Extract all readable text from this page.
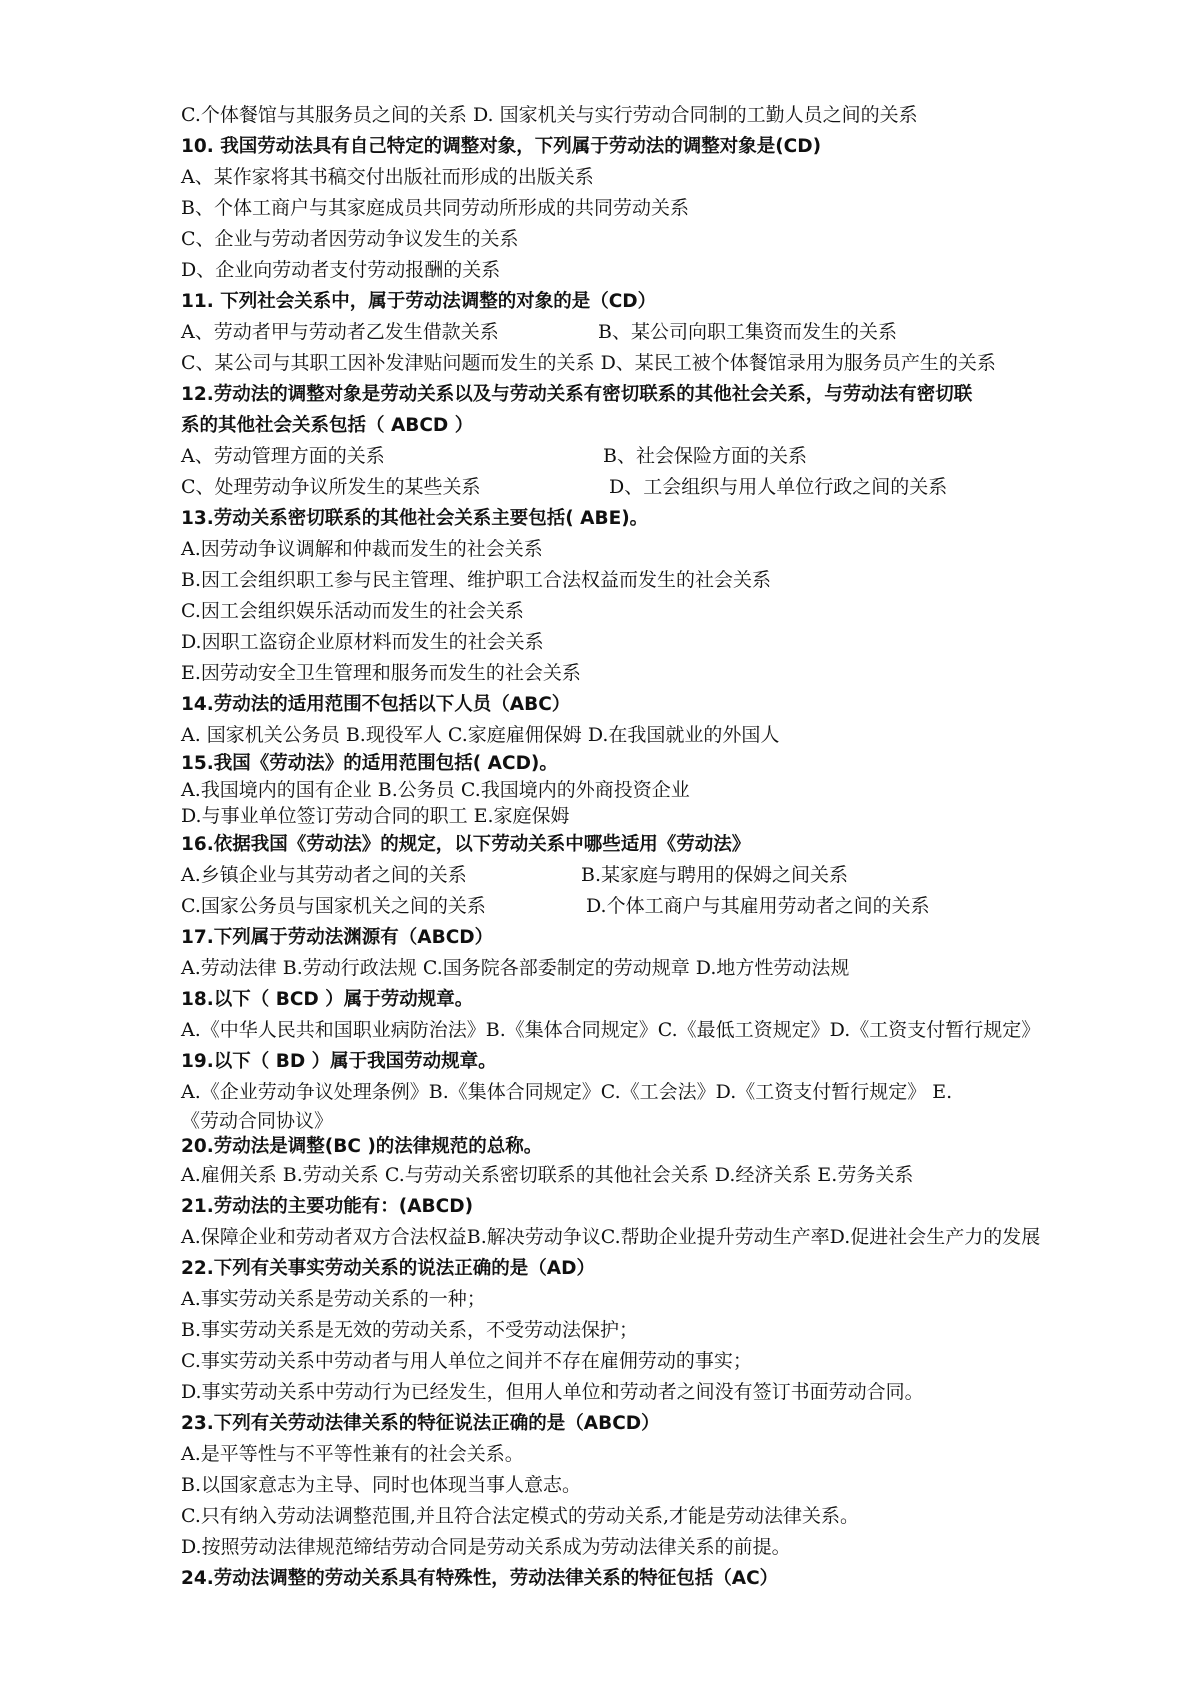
C.个体餐馆与其服务员之间的关系 D. 国家机关与实行劳动合同制的工勤人员之间的关系
10. 我国劳动法具有自己特定的调整对象，下列属于劳动法的调整对象是(CD)
A、某作家将其书稿交付出版社而形成的出版关系
B、个体工商户与其家庭成员共同劳动所形成的共同劳动关系
C、企业与劳动者因劳动争议发生的关系
D、企业向劳动者支付劳动报酬的关系
11. 下列社会关系中，属于劳动法调整的对象的是（CD）
A、劳动者甲与劳动者乙发生借款关系	B、某公司向职工集资而发生的关系
C、某公司与其职工因补发津贴问题而发生的关系 D、某民工被个体餐馆录用为服务员产生的关系
12.劳动法的调整对象是劳动关系以及与劳动关系有密切联系的其他社会关系，与劳动法有密切联
系的其他社会关系包括（ ABCD ）
A、劳动管理方面的关系	B、社会保险方面的关系
C、处理劳动争议所发生的某些关系	D、工会组织与用人单位行政之间的关系
13.劳动关系密切联系的其他社会关系主要包括( ABE)。
A.因劳动争议调解和仲裁而发生的社会关系
B.因工会组织职工参与民主管理、维护职工合法权益而发生的社会关系
C.因工会组织娱乐活动而发生的社会关系
D.因职工盗窃企业原材料而发生的社会关系
E.因劳动安全卫生管理和服务而发生的社会关系
14.劳动法的适用范围不包括以下人员（ABC）
A. 国家机关公务员 B.现役军人 C.家庭雇佣保姆 D.在我国就业的外国人
15.我国《劳动法》的适用范围包括( ACD)。
A.我国境内的国有企业 B.公务员 C.我国境内的外商投资企业
D.与事业单位签订劳动合同的职工 E.家庭保姆
16.依据我国《劳动法》的规定，以下劳动关系中哪些适用《劳动法》
A.乡镇企业与其劳动者之间的关系	B.某家庭与聘用的保姆之间关系
C.国家公务员与国家机关之间的关系	D.个体工商户与其雇用劳动者之间的关系
17.下列属于劳动法渊源有（ABCD）
A.劳动法律 B.劳动行政法规 C.国务院各部委制定的劳动规章 D.地方性劳动法规
18.以下（ BCD ）属于劳动规章。
A.《中华人民共和国职业病防治法》B.《集体合同规定》C.《最低工资规定》D.《工资支付暂行规定》
19.以下（ BD ）属于我国劳动规章。
A.《企业劳动争议处理条例》B.《集体合同规定》C.《工会法》D.《工资支付暂行规定》 E.
《劳动合同协议》
20.劳动法是调整(BC )的法律规范的总称。
A.雇佣关系 B.劳动关系 C.与劳动关系密切联系的其他社会关系 D.经济关系 E.劳务关系
21.劳动法的主要功能有：(ABCD)
A.保障企业和劳动者双方合法权益B.解决劳动争议C.帮助企业提升劳动生产率D.促进社会生产力的发展
22.下列有关事实劳动关系的说法正确的是（AD）
A.事实劳动关系是劳动关系的一种；
B.事实劳动关系是无效的劳动关系，不受劳动法保护；
C.事实劳动关系中劳动者与用人单位之间并不存在雇佣劳动的事实；
D.事实劳动关系中劳动行为已经发生，但用人单位和劳动者之间没有签订书面劳动合同。
23.下列有关劳动法律关系的特征说法正确的是（ABCD）
A.是平等性与不平等性兼有的社会关系。
B.以国家意志为主导、同时也体现当事人意志。
C.只有纳入劳动法调整范围,并且符合法定模式的劳动关系,才能是劳动法律关系。
D.按照劳动法律规范缔结劳动合同是劳动关系成为劳动法律关系的前提。
24.劳动法调整的劳动关系具有特殊性，劳动法律关系的特征包括（AC）
